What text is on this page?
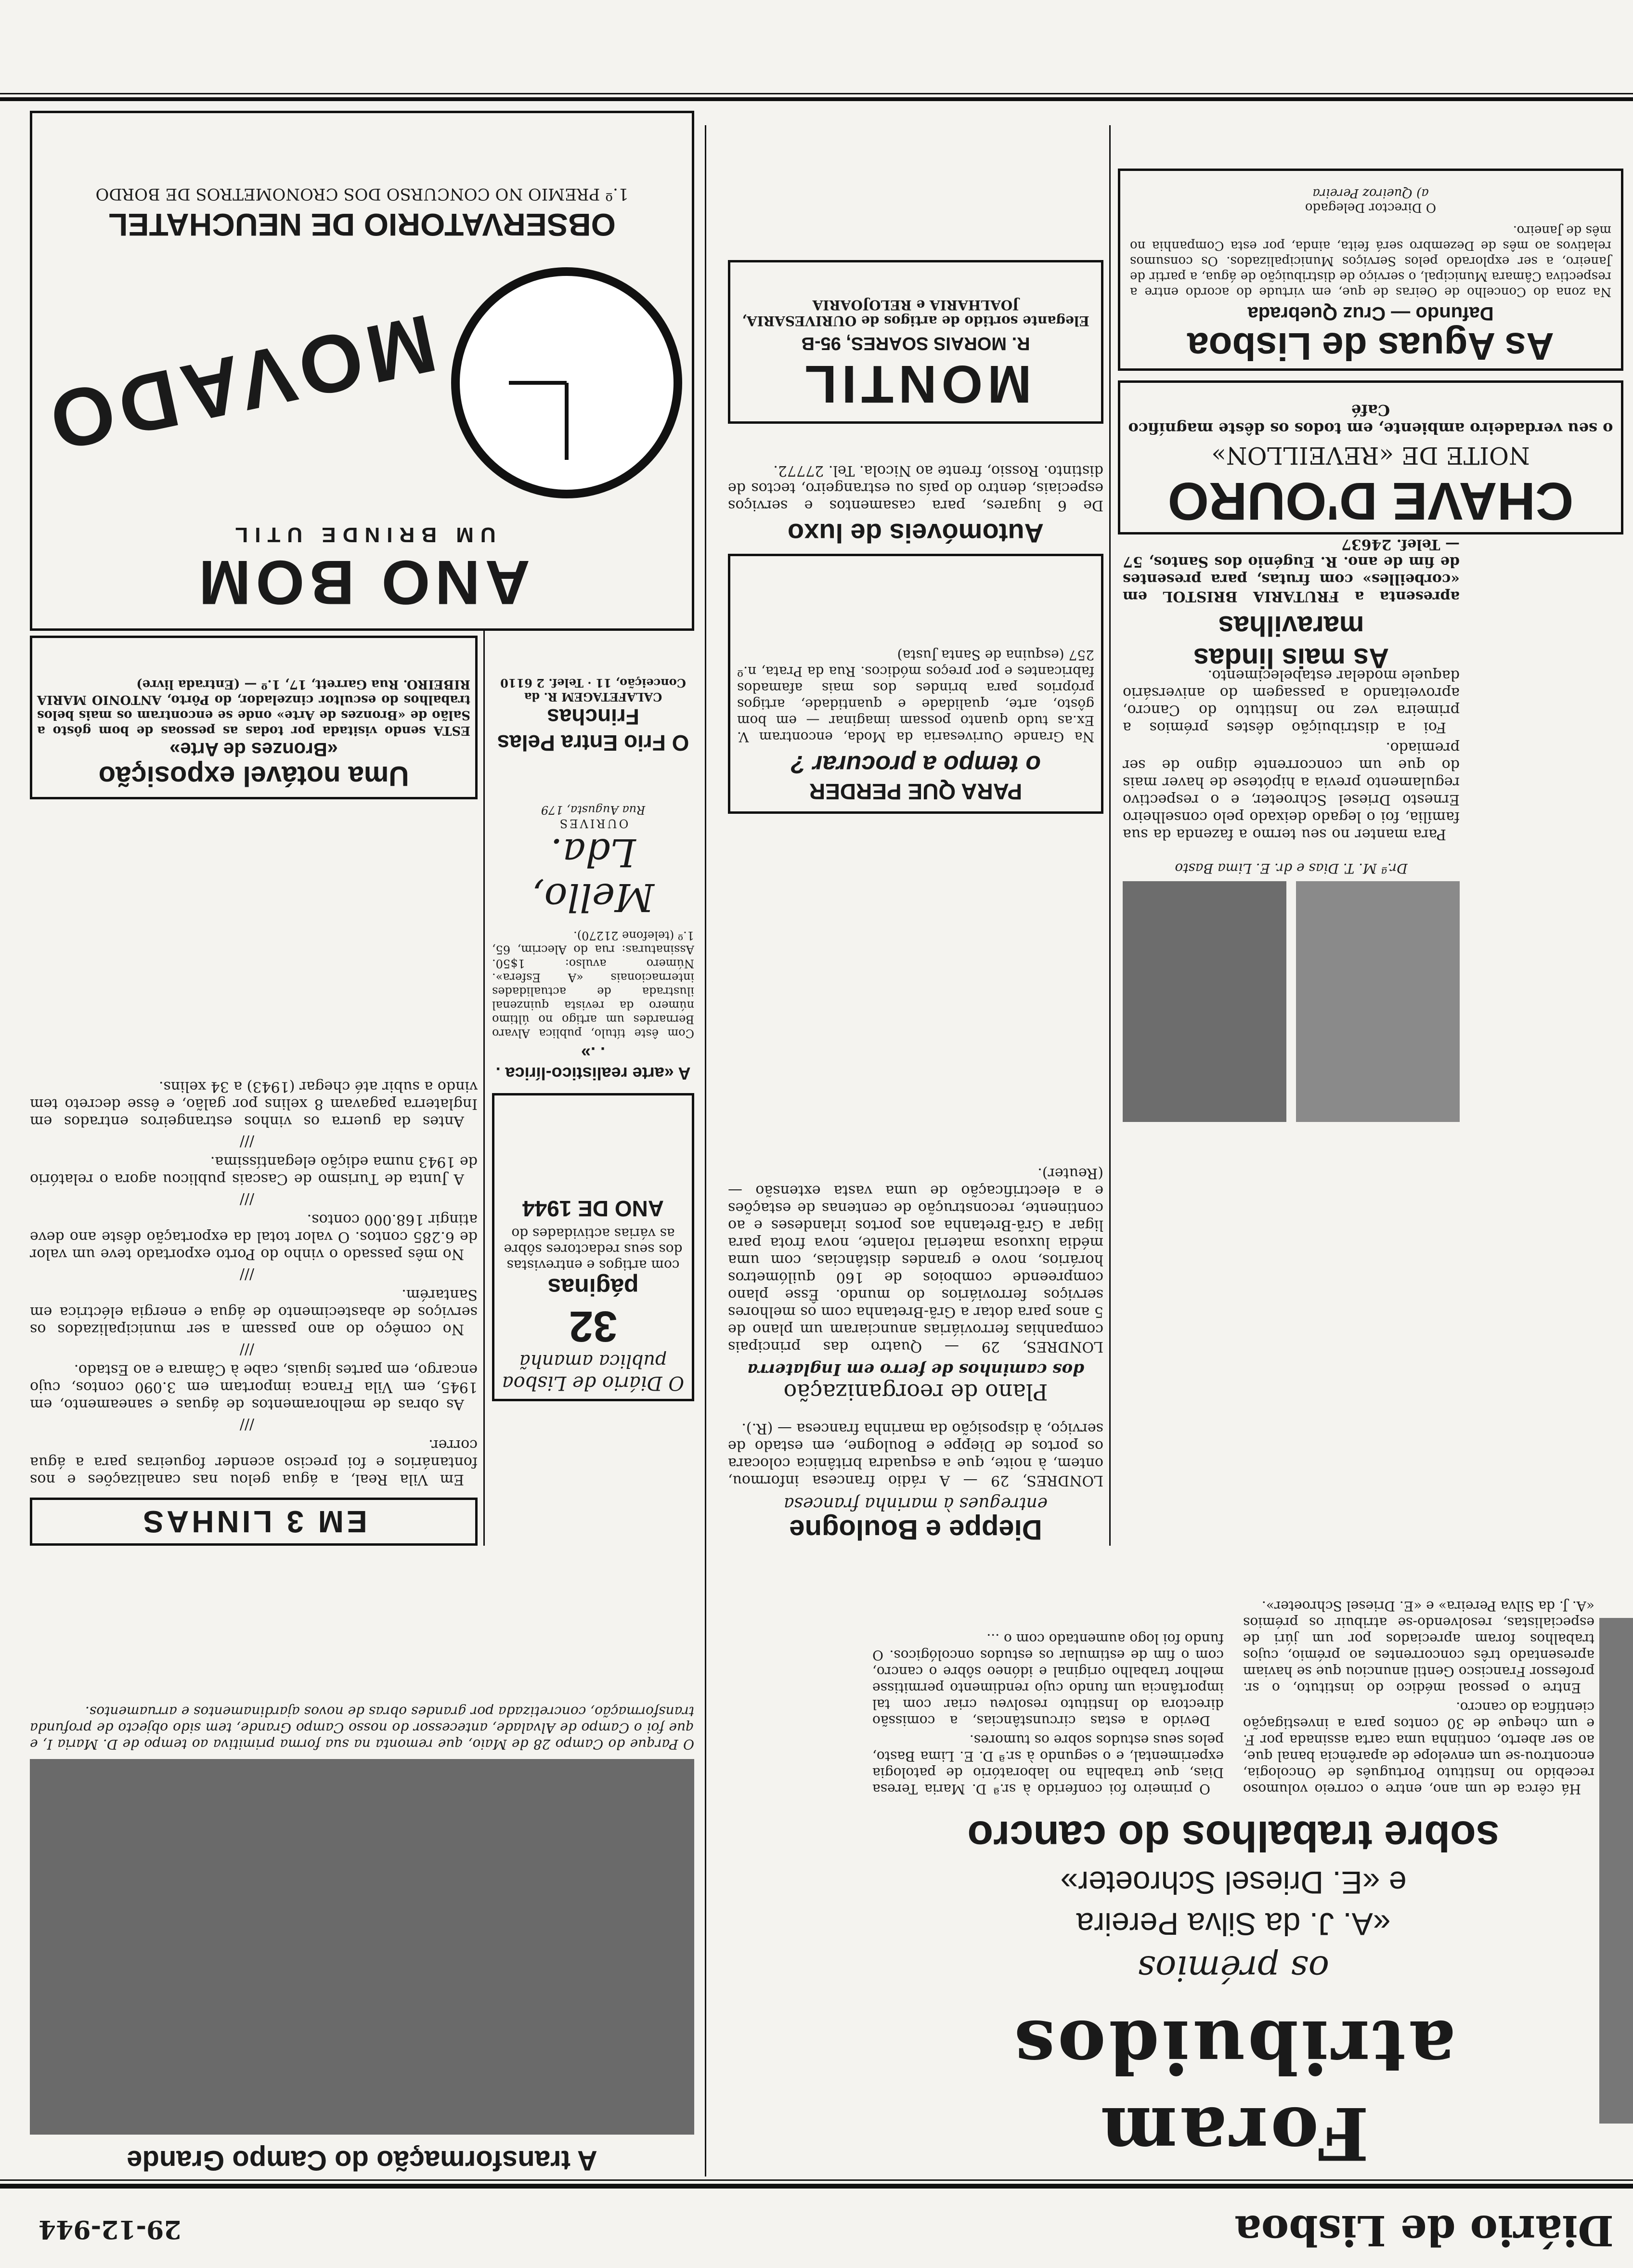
Diário de Lisboa
29-12-944
Foram atribuidos
os prémios
«A. J. da Silva Pereira
e «E. Driesel Schroeter»
sobre trabalhos do cancro

Há cêrca de um ano, entre o correio volumoso recebido no Instituto Português de Oncologia, encontrou-se um envelope de aparência banal que, ao ser aberto, continha uma carta assinada por F. e um cheque de 30 contos para a investigação científica do cancro.

Entre o pessoal médico do instituto, o sr. professor Francisco Gentil anunciou que se haviam apresentado três concorrentes ao prémio, cujos trabalhos foram apreciados por um júri de especialistas, resolvendo-se atribuir os prémios «A. J. da Silva Pereira» e «E. Driesel Schroeter».

O primeiro foi conferido à sr.ª D. Maria Teresa Dias, que trabalha no laboratório de patologia experimental, e o segundo à sr.ª D. E. Lima Basto, pelos seus estudos sobre os tumores.

Devido a estas circunstâncias, a comissão directora do Instituto resolveu criar com tal importância um fundo cujo rendimento permitisse melhor trabalho original e idóneo sôbre o cancro, com o fim de estimular os estudos oncológicos. O fundo foi logo aumentado com o ...

Dr.ª M. T. Dias e dr. E. Lima Basto

Para manter no seu termo a fazenda da sua família, foi o legado deixado pelo conselheiro Ernesto Driesel Schroeter, e o respectivo regulamento previa a hipótese de haver mais do que um concorrente digno de ser premiado.

Foi a distribuição dêstes prémios a primeira vez no Instituto do Cancro, aproveitando a passagem do aniversário daquele modelar estabelecimento.

As mais lindas maravilhas
apresenta a FRUTARIA BRISTOL em «corbeilles» com frutas, para presentes de fim de ano. R. Eugénio dos Santos, 57 — Telef. 24637
CHAVE D'OURO
NOITE DE «REVEILLON»
o seu verdadeiro ambiente, em todos os dêste magnífico Café
As Aguas de Lisboa
Dafundo — Cruz Quebrada
Na zona do Concelho de Oeiras de que, em virtude do acordo entre a respectiva Câmara Municipal, o serviço de distribuição de água, a partir de Janeiro, a ser explorado pelos Serviços Municipalizados. Os consumos relativos ao mês de Dezembro será feita, ainda, por esta Companhia no mês de Janeiro.
O Director Delegado
a) Queiroz Pereira
Dieppe e Boulogne
entregues à marinha francesa
LONDRES, 29 — A rádio francesa informou, ontem, à noite, que a esquadra britânica colocara os portos de Dieppe e Boulogne, em estado de serviço, à disposição da marinha francesa — (R.).
Plano de reorganização
dos caminhos de ferro em Inglaterra
LONDRES, 29 — Quatro das principais companhias ferroviárias anunciaram um plano de 5 anos para dotar a Grã-Bretanha com os melhores serviços ferroviários do mundo. Êsse plano compreende comboios de 160 quilómetros horários, novo e grandes distâncias, com uma média luxuosa material rolante, nova frota para ligar a Grã-Bretanha aos portos irlandeses e ao continente, reconstrução de centenas de estações e a electrificação de uma vasta extensão — (Reuter).
PARA QUE PERDER
o tempo a procurar ?
Na Grande Ourivesaria da Moda, encontram V. Ex.as tudo quanto possam imaginar — em bom gôsto, arte, qualidade e quantidade, artigos próprios para brindes dos mais afamados fabricantes e por preços módicos. Rua da Prata, n.º 257 (esquina de Santa Justa)
Automóveis de luxo
De 6 lugares, para casamentos e serviços especiais, dentro do país ou estrangeiro, tectos de distinto. Rossio, frente ao Nicola. Tel. 27772.
MONTIL
R. MORAIS SOARES, 95-B
Elegante sortido de artigos de OURIVESARIA, JOALHARIA e RELOJOARIA
A transformação do Campo Grande
O Parque do Campo 28 de Maio, que remonta na sua forma primitiva ao tempo de D. Maria I, e que foi o Campo de Alvalade, antecessor do nosso Campo Grande, tem sido objecto de profunda transformação, concretizada por grandes obras de novos ajardinamentos e arruamentos.
EM 3 LINHAS

Em Vila Real, a água gelou nas canalizações e nos fontanários e foi preciso acender fogueiras para a água correr.

///

As obras de melhoramentos de águas e saneamento, em 1945, em Vila Franca importam em 3.090 contos, cujo encargo, em partes iguais, cabe à Câmara e ao Estado.

///

No comêço do ano passam a ser municipalizados os serviços de abastecimento de água e energia eléctrica em Santarém.

///

No mês passado o vinho do Porto exportado teve um valor de 6.285 contos. O valor total da exportação dêste ano deve atingir 168.000 contos.

///

A Junta de Turismo de Cascais publicou agora o relatório de 1943 numa edição elegantíssima.

///

Antes da guerra os vinhos estrangeiros entrados em Inglaterra pagavam 8 xelins por galão, e êsse decreto tem vindo a subir até chegar (1943) a 34 xelins.

O Diário de Lisboa
publica amanhã
32
páginas
com artigos e entrevistas dos seus redactores sôbre as várias actividades do
ANO DE 1944
A «arte realistico-lírica . . .»
Com êste título, publica Alvaro Bernardes um artigo no último número da revista quinzenal ilustrada de actualidades internacionais «A Esfera». Número avulso: 1$50. Assinaturas: rua do Alecrim, 65, 1.º (telefone 21270).
Mello, Lda.
OURIVES
Rua Augusta, 179
O Frio Entra Pelas Frinchas
CALAFETAGEM R. da Conceição, 11 · Telef. 2 6110
Uma notável exposição
«Bronzes de Arte»
ESTA sendo visitada por todas as pessoas de bom gôsto a Salão de «Bronzes de Arte» onde se encontram os mais belos trabalhos do escultor cinzelador, do Pôrto, ANTONIO MARIA RIBEIRO. Rua Garrett, 17, 1.º — (Entrada livre)
ANO BOM
UM BRINDE UTIL
MOVADO
OBSERVATORIO DE NEUCHATEL
1.º PREMIO NO CONCURSO DOS CRONOMETROS DE BORDO
